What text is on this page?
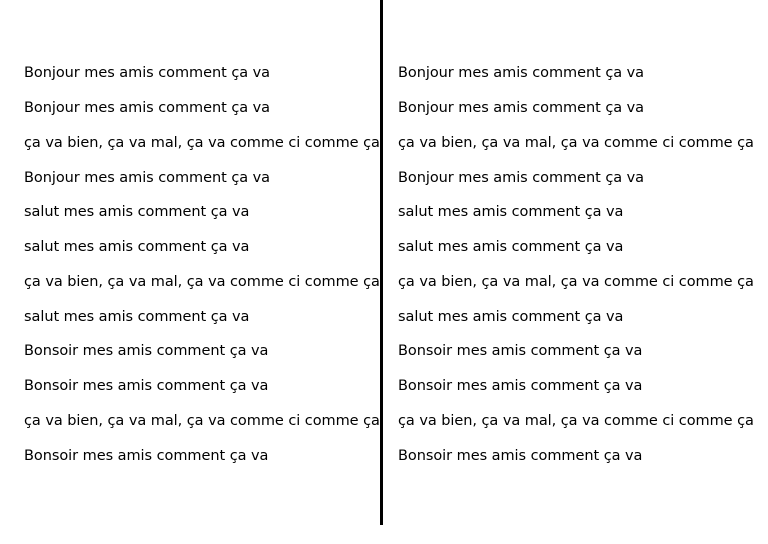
Bonjour mes amis comment ça va
Bonjour mes amis comment ça va
ça va bien, ça va mal, ça va comme ci comme ça
Bonjour mes amis comment ça va
salut mes amis comment ça va
salut mes amis comment ça va
ça va bien, ça va mal, ça va comme ci comme ça
salut mes amis comment ça va
Bonsoir mes amis comment ça va
Bonsoir mes amis comment ça va
ça va bien, ça va mal, ça va comme ci comme ça
Bonsoir mes amis comment ça va
Bonjour mes amis comment ça va
Bonjour mes amis comment ça va
ça va bien, ça va mal, ça va comme ci comme ça
Bonjour mes amis comment ça va
salut mes amis comment ça va
salut mes amis comment ça va
ça va bien, ça va mal, ça va comme ci comme ça
salut mes amis comment ça va
Bonsoir mes amis comment ça va
Bonsoir mes amis comment ça va
ça va bien, ça va mal, ça va comme ci comme ça
Bonsoir mes amis comment ça va
